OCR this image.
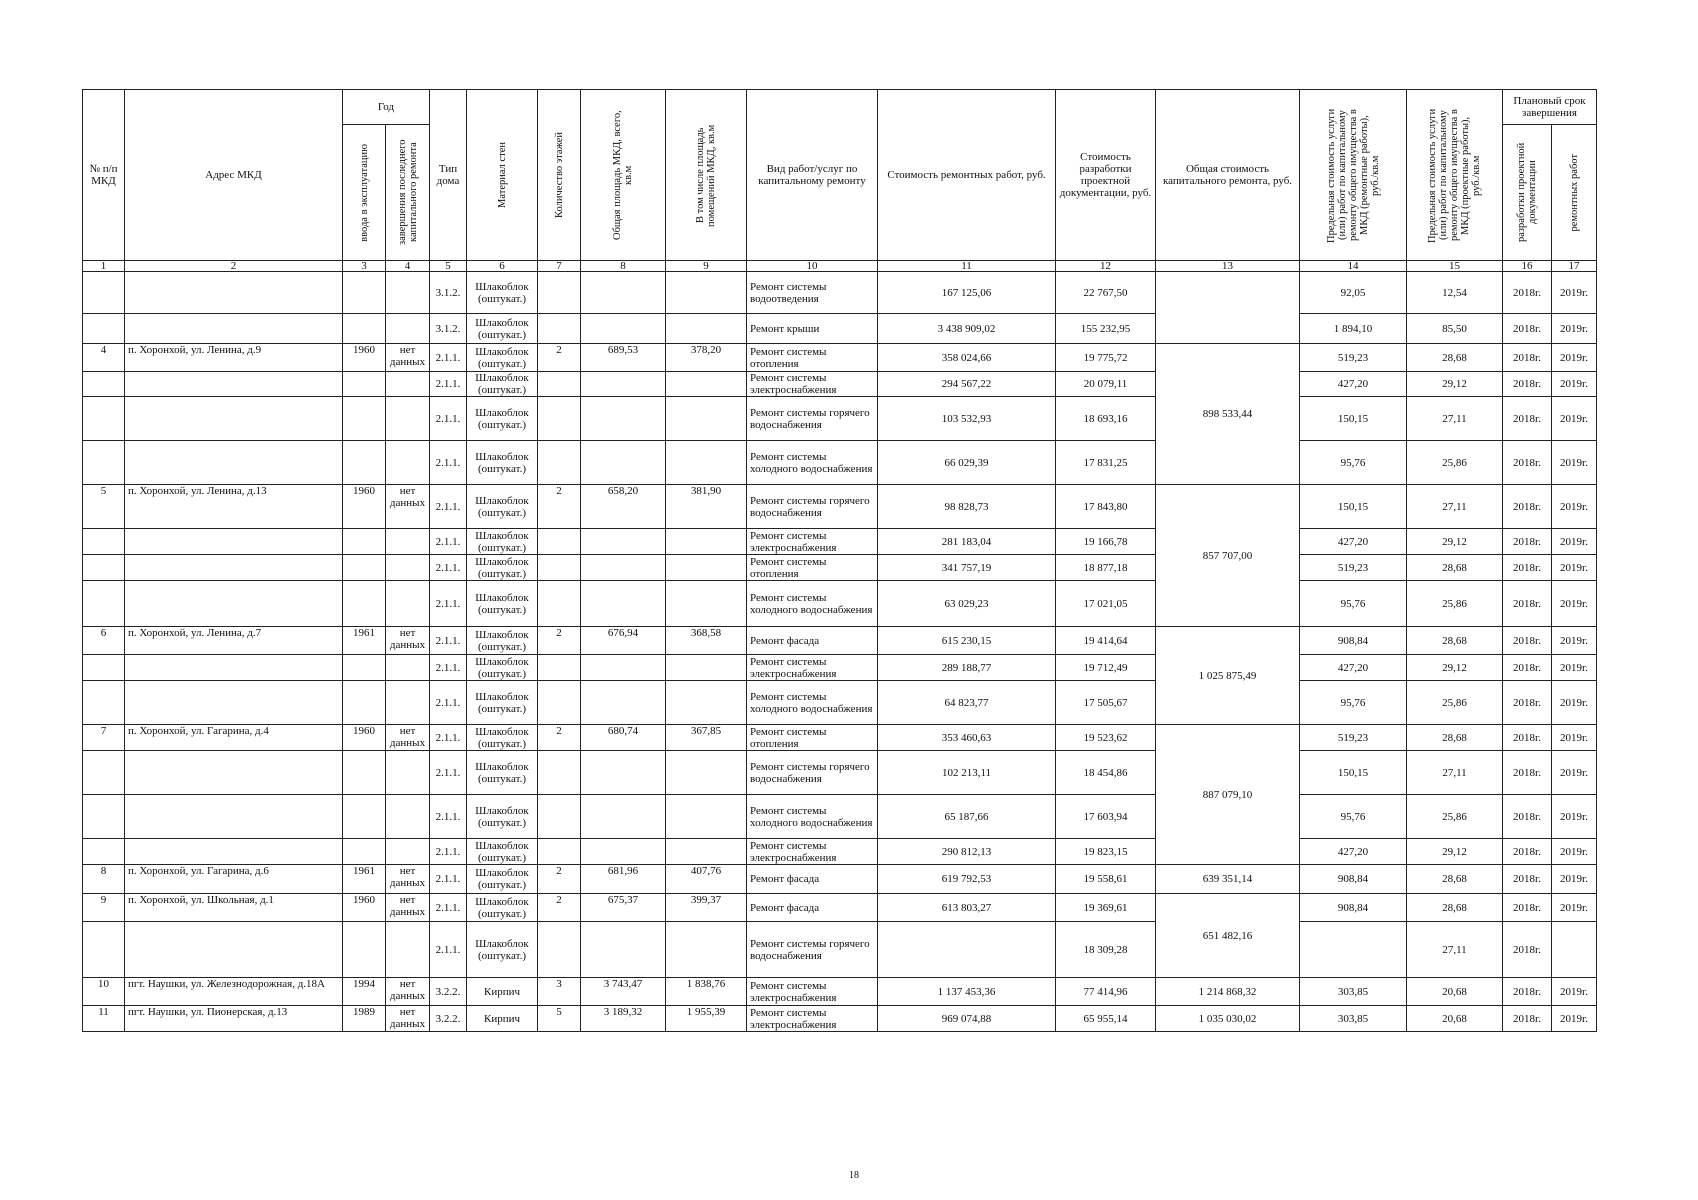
№ п/п МКД	Адрес МКД	Год		Тип дома	Материал стен	Количество этажей	Общая площадь МКД, всего, кв.м	В том числе площадь помещений МКД, кв.м	Вид работ/услуг по капитальному ремонту	Стоимость ремонтных работ, руб.	Стоимость разработки проектной документации, руб.	Общая стоимость капитального ремонта, руб.	Предельная стоимость услуги (или) работ по капитальному ремонту общего имущества в МКД (ремонтные работы), руб./кв.м	Предельная стоимость услуги (или) работ по капитальному ремонту общего имущества в МКД (проектные работы), руб./кв.м	Плановый срок завершения	

		ввода в эксплуатацию	завершения последнего капитального ремонта												разработки проектной документации	ремонтных работ

1	2	3	4	5	6	7	8	9	10	11	12	13	14	15	16	17
				3.1.2.	Шлакоблок (оштукат.)				Ремонт системы водоотведения	167 125,06	22 767,50		92,05	12,54	2018г.	2019г.
				3.1.2.	Шлакоблок (оштукат.)				Ремонт крыши	3 438 909,02	155 232,95		1 894,10	85,50	2018г.	2019г.
4	п. Хоронхой, ул. Ленина, д.9	1960	нет данных	2.1.1.	Шлакоблок (оштукат.)	2	689,53	378,20	Ремонт системы отопления	358 024,66	19 775,72	898 533,44	519,23	28,68	2018г.	2019г.
				2.1.1.	Шлакоблок (оштукат.)				Ремонт системы электроснабжения	294 567,22	20 079,11		427,20	29,12	2018г.	2019г.
				2.1.1.	Шлакоблок (оштукат.)				Ремонт системы горячего водоснабжения	103 532,93	18 693,16		150,15	27,11	2018г.	2019г.
				2.1.1.	Шлакоблок (оштукат.)				Ремонт системы холодного водоснабжения	66 029,39	17 831,25		95,76	25,86	2018г.	2019г.
5	п. Хоронхой, ул. Ленина, д.13	1960	нет данных	2.1.1.	Шлакоблок (оштукат.)	2	658,20	381,90	Ремонт системы горячего водоснабжения	98 828,73	17 843,80	857 707,00	150,15	27,11	2018г.	2019г.
				2.1.1.	Шлакоблок (оштукат.)				Ремонт системы электроснабжения	281 183,04	19 166,78		427,20	29,12	2018г.	2019г.
				2.1.1.	Шлакоблок (оштукат.)				Ремонт системы отопления	341 757,19	18 877,18		519,23	28,68	2018г.	2019г.
				2.1.1.	Шлакоблок (оштукат.)				Ремонт системы холодного водоснабжения	63 029,23	17 021,05		95,76	25,86	2018г.	2019г.
6	п. Хоронхой, ул. Ленина, д.7	1961	нет данных	2.1.1.	Шлакоблок (оштукат.)	2	676,94	368,58	Ремонт фасада	615 230,15	19 414,64	1 025 875,49	908,84	28,68	2018г.	2019г.
				2.1.1.	Шлакоблок (оштукат.)				Ремонт системы электроснабжения	289 188,77	19 712,49		427,20	29,12	2018г.	2019г.
				2.1.1.	Шлакоблок (оштукат.)				Ремонт системы холодного водоснабжения	64 823,77	17 505,67		95,76	25,86	2018г.	2019г.
7	п. Хоронхой, ул. Гагарина, д.4	1960	нет данных	2.1.1.	Шлакоблок (оштукат.)	2	680,74	367,85	Ремонт системы отопления	353 460,63	19 523,62	887 079,10	519,23	28,68	2018г.	2019г.
				2.1.1.	Шлакоблок (оштукат.)				Ремонт системы горячего водоснабжения	102 213,11	18 454,86		150,15	27,11	2018г.	2019г.
				2.1.1.	Шлакоблок (оштукат.)				Ремонт системы холодного водоснабжения	65 187,66	17 603,94		95,76	25,86	2018г.	2019г.
				2.1.1.	Шлакоблок (оштукат.)				Ремонт системы электроснабжения	290 812,13	19 823,15		427,20	29,12	2018г.	2019г.
8	п. Хоронхой, ул. Гагарина, д.6	1961	нет данных	2.1.1.	Шлакоблок (оштукат.)	2	681,96	407,76	Ремонт фасада	619 792,53	19 558,61	639 351,14	908,84	28,68	2018г.	2019г.
9	п. Хоронхой, ул. Школьная, д.1	1960	нет данных	2.1.1.	Шлакоблок (оштукат.)	2	675,37	399,37	Ремонт фасада	613 803,27	19 369,61	651 482,16	908,84	28,68	2018г.	2019г.
				2.1.1.	Шлакоблок (оштукат.)				Ремонт системы горячего водоснабжения		18 309,28			27,11	2018г.	
10	пгт. Наушки, ул. Железнодорожная, д.18А	1994	нет данных	3.2.2.	Кирпич	3	3 743,47	1 838,76	Ремонт системы электроснабжения	1 137 453,36	77 414,96	1 214 868,32	303,85	20,68	2018г.	2019г.
11	пгт. Наушки, ул. Пионерская, д.13	1989	нет данных	3.2.2.	Кирпич	5	3 189,32	1 955,39	Ремонт системы электроснабжения	969 074,88	65 955,14	1 035 030,02	303,85	20,68	2018г.	2019г.
18
